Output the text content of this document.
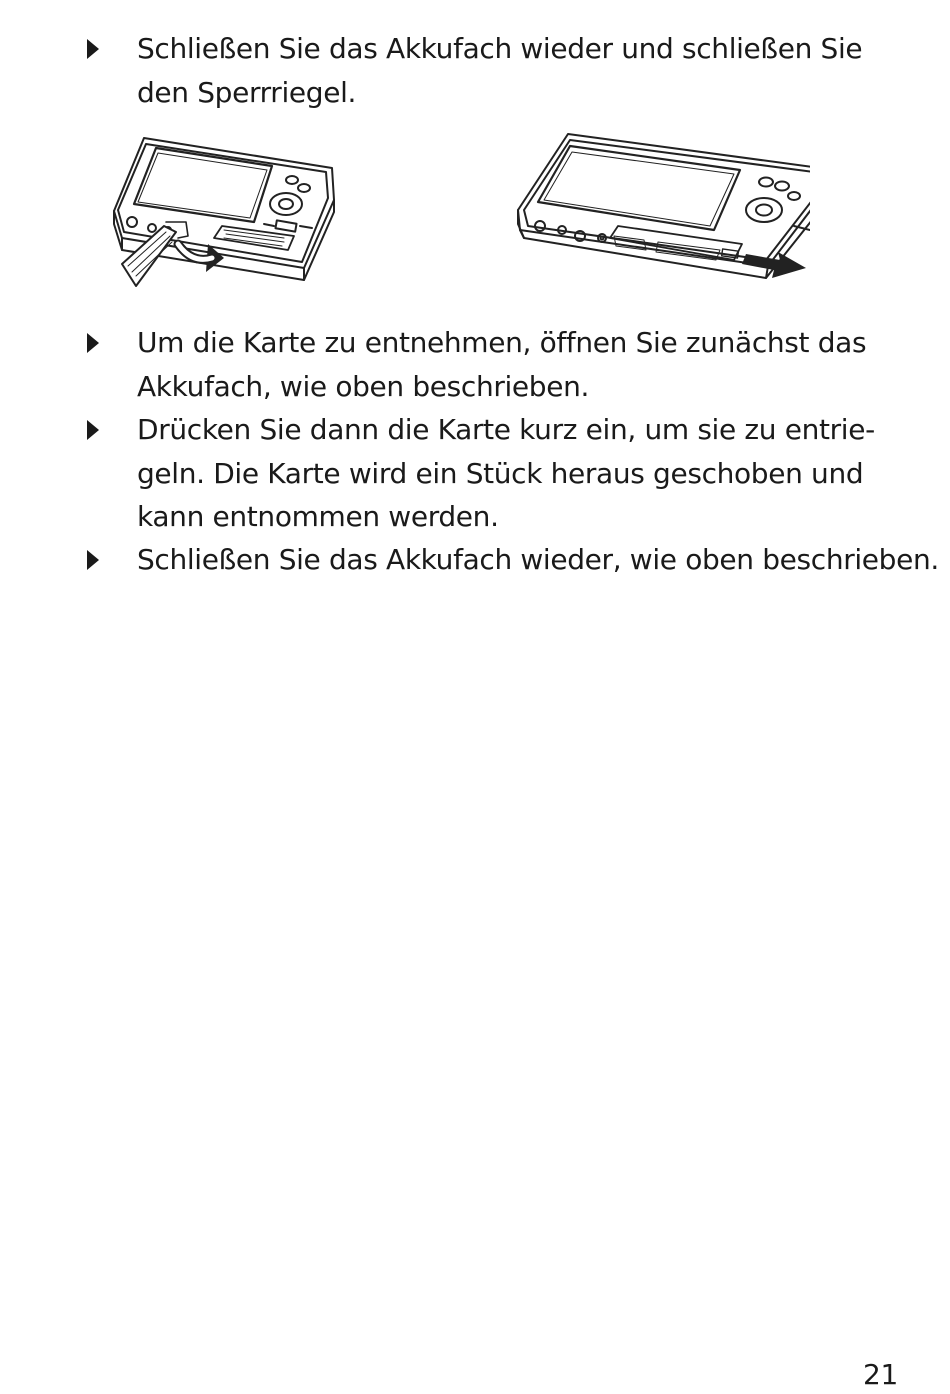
Schließen Sie das Akkufach wieder und schließen Sie
den Sperrriegel.
Um die Karte zu entnehmen, öffnen Sie zunächst das
Akkufach, wie oben beschrieben.
Drücken Sie dann die Karte kurz ein, um sie zu entrie-
geln. Die Karte wird ein Stück heraus geschoben und
kann entnommen werden.
Schließen Sie das Akkufach wieder, wie oben beschrieben.
21
